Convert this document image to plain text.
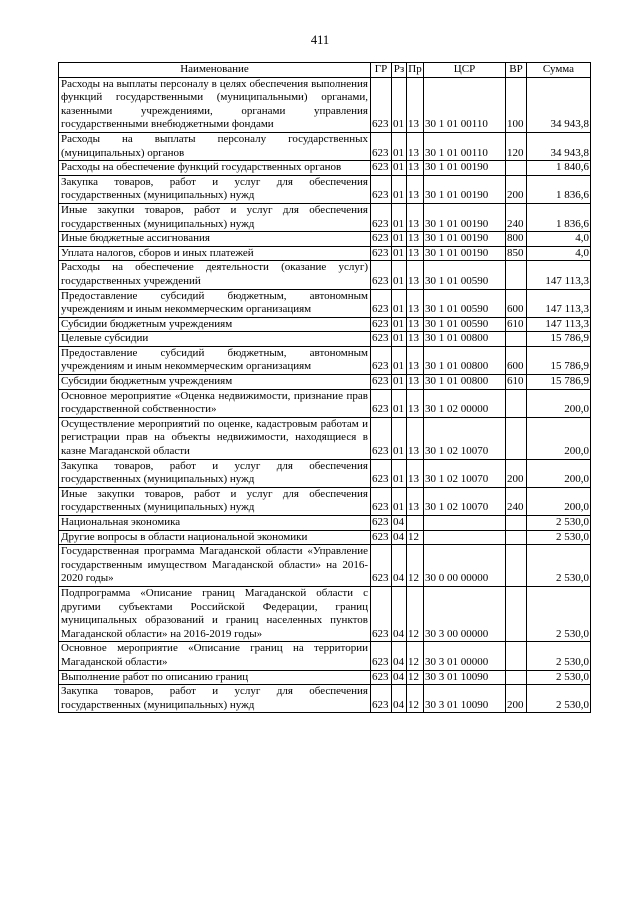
411
Наименование	ГР	Рз	Пр	ЦСР	ВР	Сумма
Расходы на выплаты персоналу в целях обеспечения выполнения функций государственными (муниципальными) органами, казенными учреждениями, органами управления государственными внебюджетными фондами	623	01	13	30 1 01 00110	100	34 943,8
Расходы на выплаты персоналу государственных (муниципальных) органов	623	01	13	30 1 01 00110	120	34 943,8
Расходы на обеспечение функций государственных органов	623	01	13	30 1 01 00190		1 840,6
Закупка товаров, работ и услуг для обеспечения государственных (муниципальных) нужд	623	01	13	30 1 01 00190	200	1 836,6
Иные закупки товаров, работ и услуг для обеспечения государственных (муниципальных) нужд	623	01	13	30 1 01 00190	240	1 836,6
Иные бюджетные ассигнования	623	01	13	30 1 01 00190	800	4,0
Уплата налогов, сборов и иных платежей	623	01	13	30 1 01 00190	850	4,0
Расходы на обеспечение деятельности (оказание услуг) государственных учреждений	623	01	13	30 1 01 00590		147 113,3
Предоставление субсидий бюджетным, автономным учреждениям и иным некоммерческим организациям	623	01	13	30 1 01 00590	600	147 113,3
Субсидии бюджетным учреждениям	623	01	13	30 1 01 00590	610	147 113,3
Целевые субсидии	623	01	13	30 1 01 00800		15 786,9
Предоставление субсидий бюджетным, автономным учреждениям и иным некоммерческим организациям	623	01	13	30 1 01 00800	600	15 786,9
Субсидии бюджетным учреждениям	623	01	13	30 1 01 00800	610	15 786,9
Основное мероприятие «Оценка недвижимости, признание прав государственной собственности»	623	01	13	30 1 02 00000		200,0
Осуществление мероприятий по оценке, кадастровым работам и регистрации прав на объекты недвижимости, находящиеся в казне Магаданской области	623	01	13	30 1 02 10070		200,0
Закупка товаров, работ и услуг для обеспечения государственных (муниципальных) нужд	623	01	13	30 1 02 10070	200	200,0
Иные закупки товаров, работ и услуг для обеспечения государственных (муниципальных) нужд	623	01	13	30 1 02 10070	240	200,0
Национальная экономика	623	04				2 530,0
Другие вопросы в области национальной экономики	623	04	12			2 530,0
Государственная программа Магаданской области «Управление государственным имуществом Магаданской области» на 2016-2020 годы»	623	04	12	30 0 00 00000		2 530,0
Подпрограмма «Описание границ Магаданской области с другими субъектами Российской Федерации, границ муниципальных образований и границ населенных пунктов Магаданской области» на 2016-2019 годы»	623	04	12	30 3 00 00000		2 530,0
Основное мероприятие «Описание границ на территории Магаданской области»	623	04	12	30 3 01 00000		2 530,0
Выполнение работ по описанию границ	623	04	12	30 3 01 10090		2 530,0
Закупка товаров, работ и услуг для обеспечения государственных (муниципальных) нужд	623	04	12	30 3 01 10090	200	2 530,0
